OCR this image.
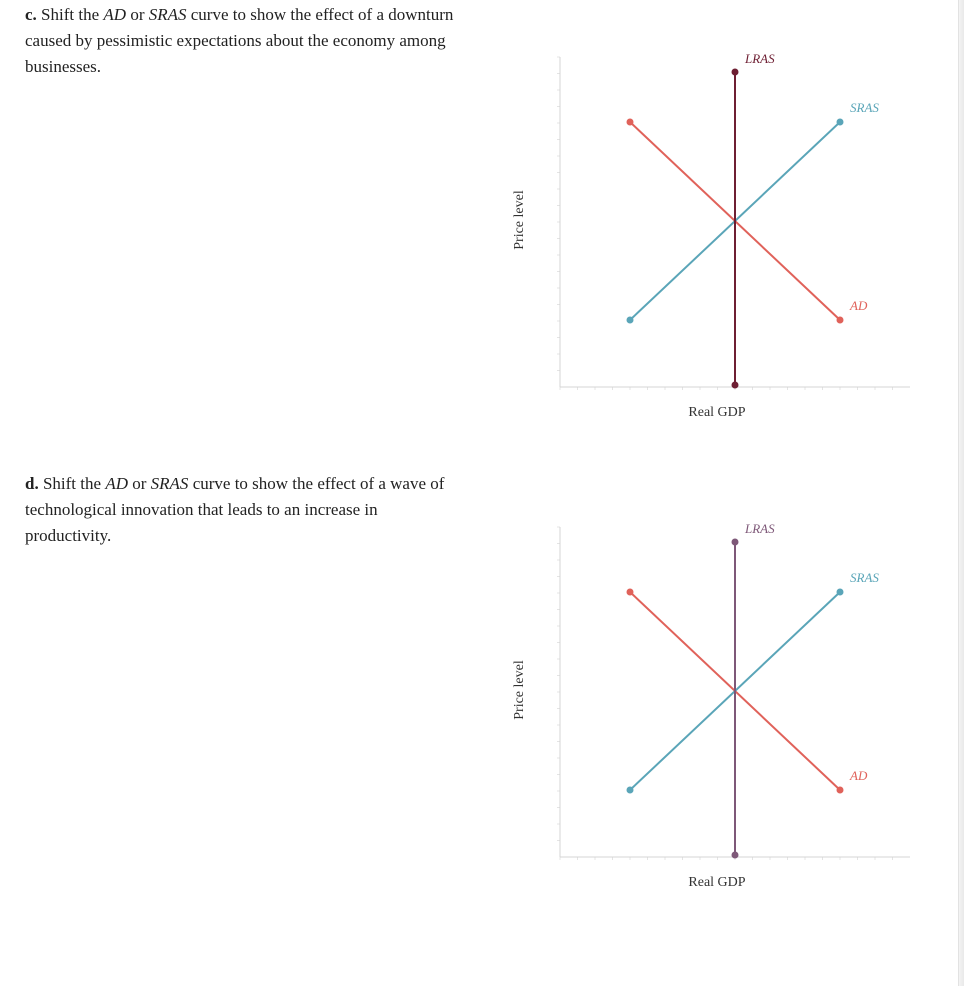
c. Shift the AD or SRAS curve to show the effect of a downturn caused by pessimistic expectations about the economy among businesses.
Price level
Real GDP
LRAS
SRAS
AD
d. Shift the AD or SRAS curve to show the effect of a wave of technological innovation that leads to an increase in productivity.
Price level
Real GDP
LRAS
SRAS
AD
